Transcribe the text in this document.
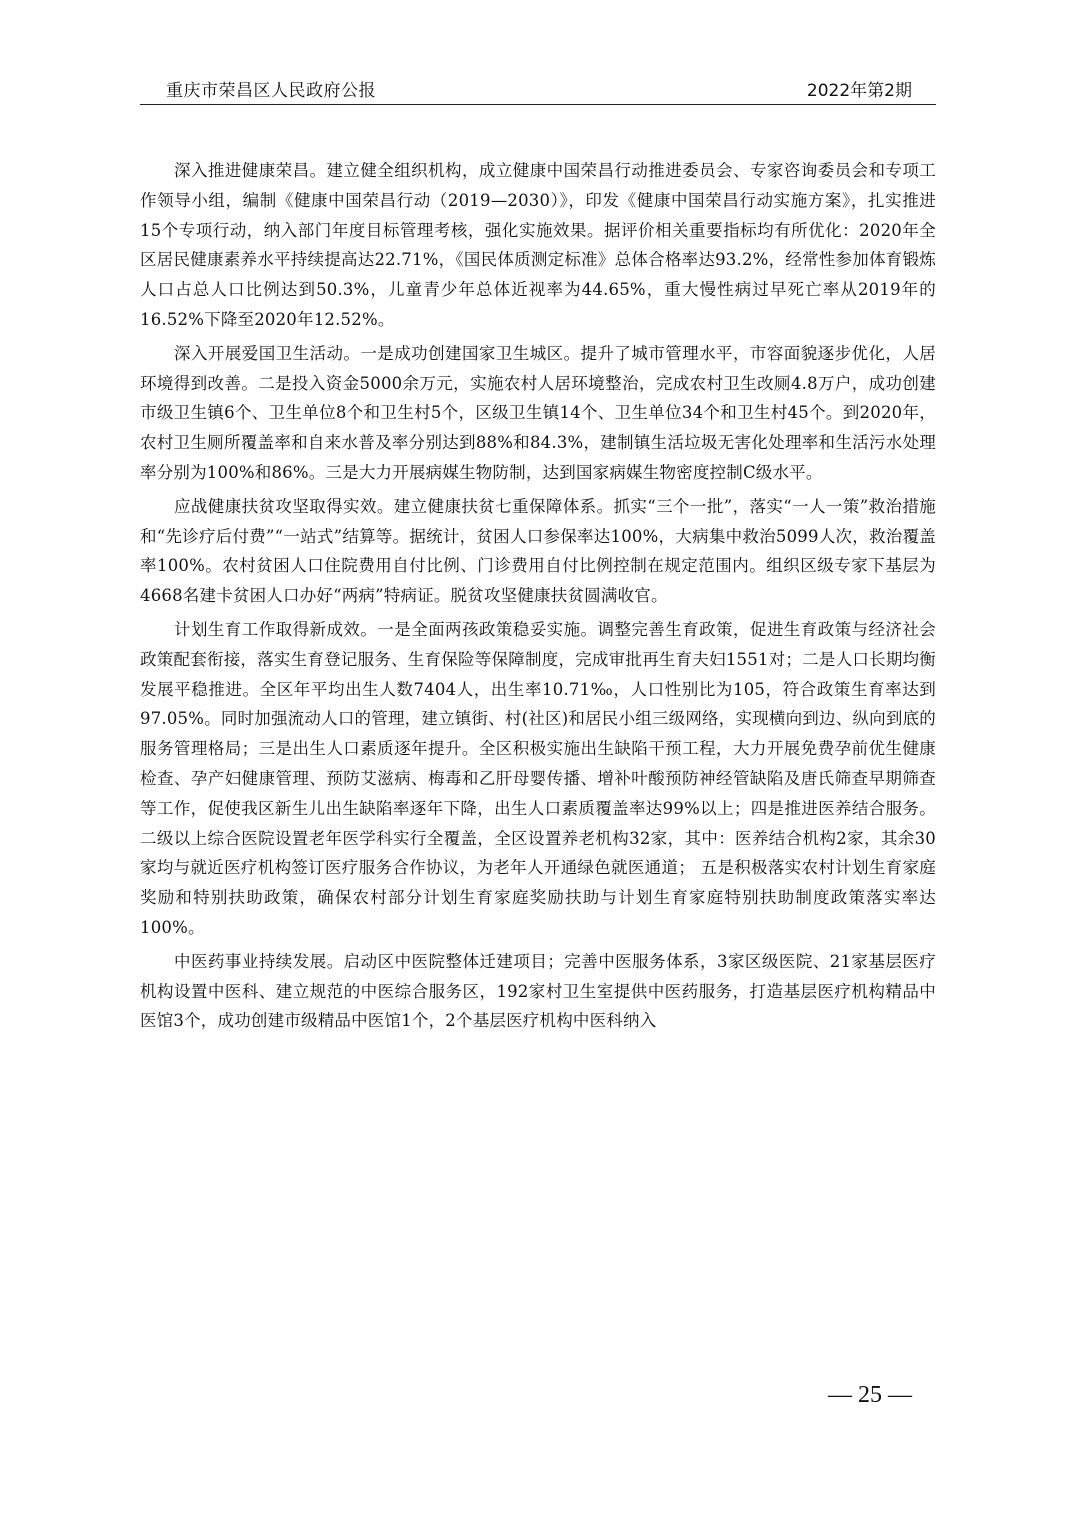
重庆市荣昌区人民政府公报	2022年第2期

深入推进健康荣昌。建立健全组织机构，成立健康中国荣昌行动推进委员会、专家咨询委员会和专项工作领导小组，编制《健康中国荣昌行动（2019—2030）》，印发《健康中国荣昌行动实施方案》，扎实推进15个专项行动，纳入部门年度目标管理考核，强化实施效果。据评价相关重要指标均有所优化：2020年全区居民健康素养水平持续提高达22.71%，《国民体质测定标准》总体合格率达93.2%，经常性参加体育锻炼人口占总人口比例达到50.3%，儿童青少年总体近视率为44.65%，重大慢性病过早死亡率从2019年的16.52%下降至2020年12.52%。

深入开展爱国卫生活动。一是成功创建国家卫生城区。提升了城市管理水平，市容面貌逐步优化，人居环境得到改善。二是投入资金5000余万元，实施农村人居环境整治，完成农村卫生改厕4.8万户，成功创建市级卫生镇6个、卫生单位8个和卫生村5个，区级卫生镇14个、卫生单位34个和卫生村45个。到2020年，农村卫生厕所覆盖率和自来水普及率分别达到88%和84.3%，建制镇生活垃圾无害化处理率和生活污水处理率分别为100%和86%。三是大力开展病媒生物防制，达到国家病媒生物密度控制C级水平。

应战健康扶贫攻坚取得实效。建立健康扶贫七重保障体系。抓实“三个一批”，落实“一人一策”救治措施和“先诊疗后付费”“一站式”结算等。据统计，贫困人口参保率达100%，大病集中救治5099人次，救治覆盖率100%。农村贫困人口住院费用自付比例、门诊费用自付比例控制在规定范围内。组织区级专家下基层为4668名建卡贫困人口办好“两病”特病证。脱贫攻坚健康扶贫圆满收官。

计划生育工作取得新成效。一是全面两孩政策稳妥实施。调整完善生育政策，促进生育政策与经济社会政策配套衔接，落实生育登记服务、生育保险等保障制度，完成审批再生育夫妇1551对；二是人口长期均衡发展平稳推进。全区年平均出生人数7404人，出生率10.71‰，人口性别比为105，符合政策生育率达到97.05%。同时加强流动人口的管理，建立镇街、村(社区)和居民小组三级网络，实现横向到边、纵向到底的服务管理格局；三是出生人口素质逐年提升。全区积极实施出生缺陷干预工程，大力开展免费孕前优生健康检查、孕产妇健康管理、预防艾滋病、梅毒和乙肝母婴传播、增补叶酸预防神经管缺陷及唐氏筛查早期筛查等工作，促使我区新生儿出生缺陷率逐年下降，出生人口素质覆盖率达99%以上；四是推进医养结合服务。二级以上综合医院设置老年医学科实行全覆盖，全区设置养老机构32家，其中：医养结合机构2家，其余30家均与就近医疗机构签订医疗服务合作协议，为老年人开通绿色就医通道； 五是积极落实农村计划生育家庭奖励和特别扶助政策，确保农村部分计划生育家庭奖励扶助与计划生育家庭特别扶助制度政策落实率达100%。

中医药事业持续发展。启动区中医院整体迁建项目；完善中医服务体系，3家区级医院、21家基层医疗机构设置中医科、建立规范的中医综合服务区，192家村卫生室提供中医药服务，打造基层医疗机构精品中医馆3个，成功创建市级精品中医馆1个，2个基层医疗机构中医科纳入

— 25 —
